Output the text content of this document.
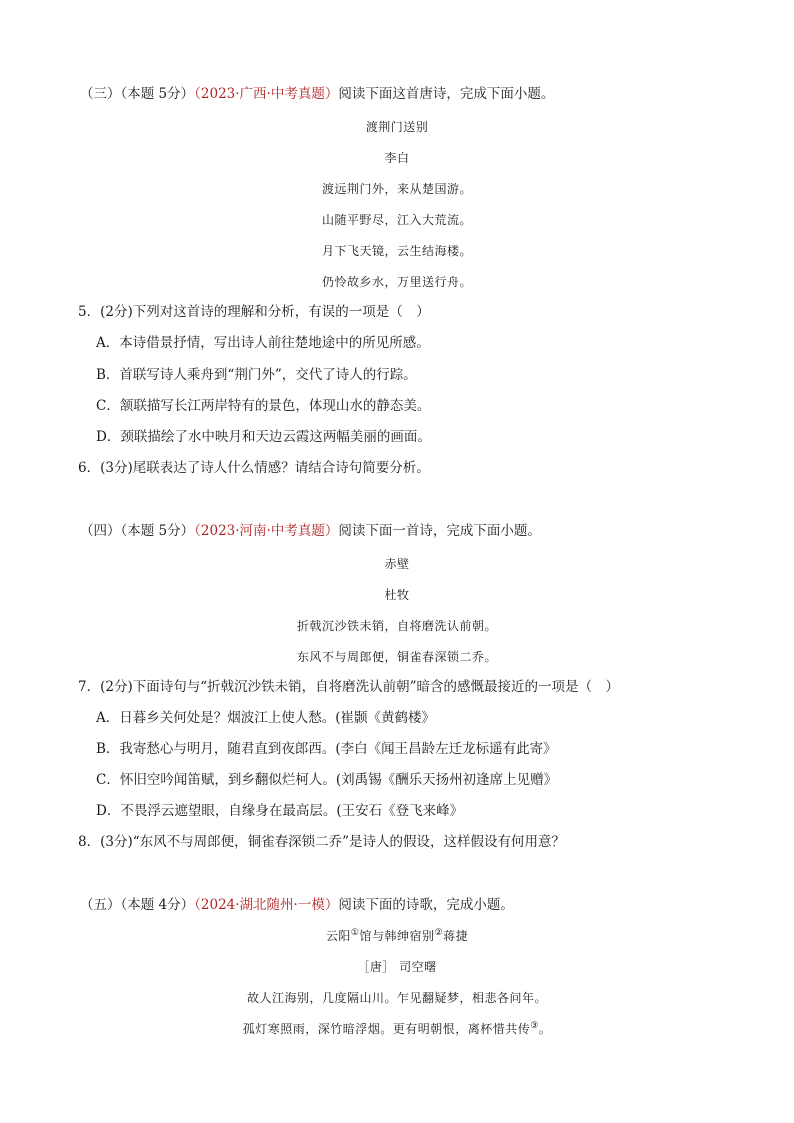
（三）（本题 5分）（2023·广西·中考真题）阅读下面这首唐诗，完成下面小题。
渡荆门送别
李白
渡远荆门外，来从楚国游。
山随平野尽，江入大荒流。
月下飞天镜，云生结海楼。
仍怜故乡水，万里送行舟。
5．(2分)下列对这首诗的理解和分析，有误的一项是（　）
A．本诗借景抒情，写出诗人前往楚地途中的所见所感。
B．首联写诗人乘舟到“荆门外”，交代了诗人的行踪。
C．颔联描写长江两岸特有的景色，体现山水的静态美。
D．颈联描绘了水中映月和天边云霞这两幅美丽的画面。
6．(3分)尾联表达了诗人什么情感？请结合诗句简要分析。
（四）（本题 5分）（2023·河南·中考真题）阅读下面一首诗，完成下面小题。
赤壁
杜牧
折戟沉沙铁未销，自将磨洗认前朝。
东风不与周郎便，铜雀春深锁二乔。
7．(2分)下面诗句与“折戟沉沙铁未销，自将磨洗认前朝”暗含的感慨最接近的一项是（　）
A．日暮乡关何处是？烟波江上使人愁。(崔颢《黄鹤楼》
B．我寄愁心与明月，随君直到夜郎西。(李白《闻王昌龄左迁龙标遥有此寄》
C．怀旧空吟闻笛赋，到乡翻似烂柯人。(刘禹锡《酬乐天扬州初逢席上见赠》
D．不畏浮云遮望眼，自缘身在最高层。(王安石《登飞来峰》
8．(3分)“东风不与周郎便，铜雀春深锁二乔”是诗人的假设，这样假设有何用意？
（五）（本题 4分）（2024·湖北随州·一模）阅读下面的诗歌，完成小题。
云阳①馆与韩绅宿别②蒋捷
［唐］ 司空曙
故人江海别，几度隔山川。乍见翻疑梦，相悲各问年。
孤灯寒照雨，深竹暗浮烟。更有明朝恨，离杯惜共传③。
